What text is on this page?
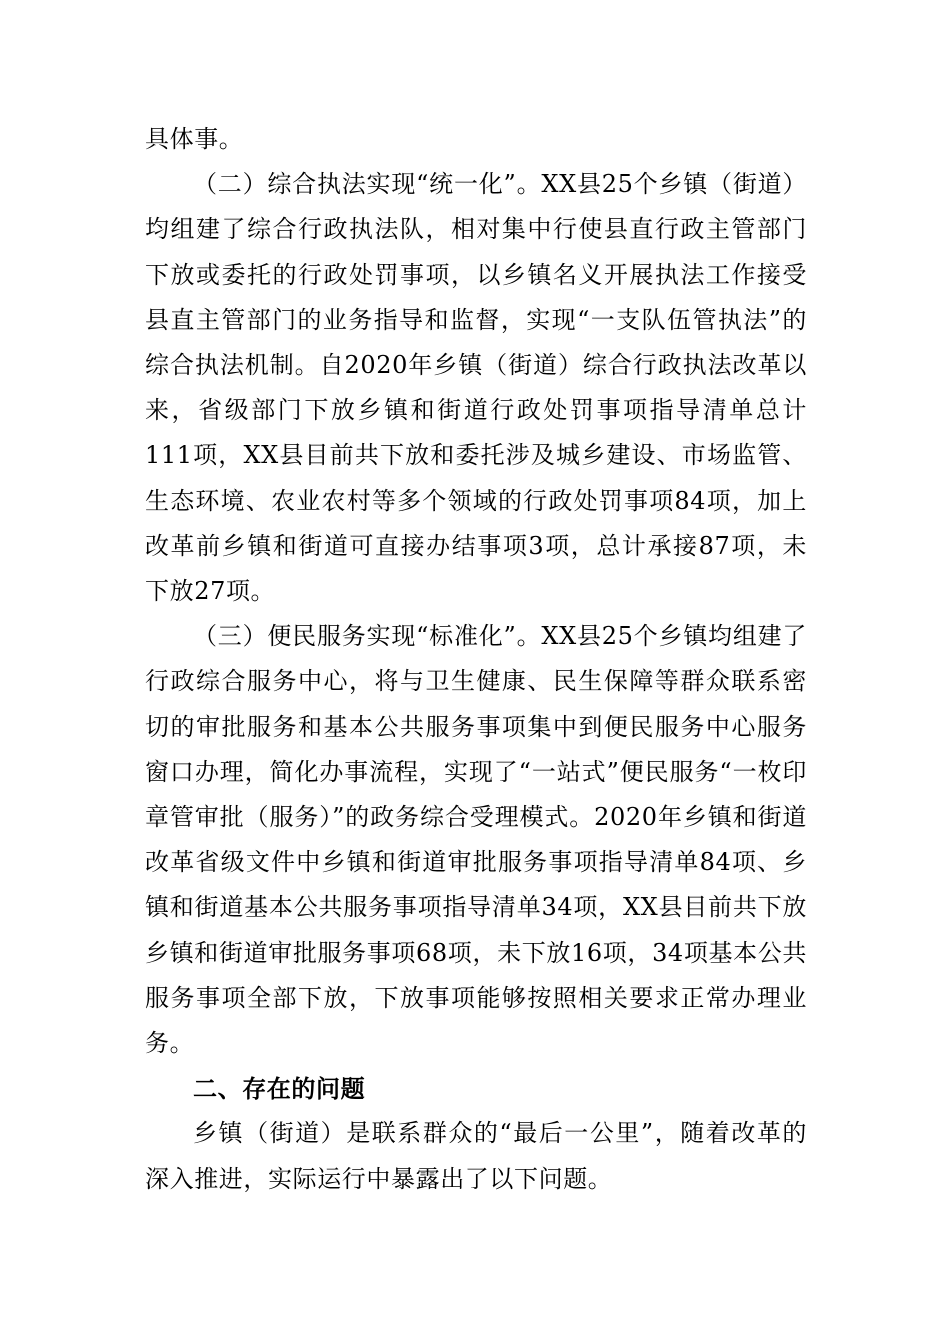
具体事。

（二）综合执法实现“统一化”。XX县25个乡镇（街道）均组建了综合行政执法队，相对集中行使县直行政主管部门下放或委托的行政处罚事项，以乡镇名义开展执法工作接受县直主管部门的业务指导和监督，实现“一支队伍管执法”的综合执法机制。自2020年乡镇（街道）综合行政执法改革以来，省级部门下放乡镇和街道行政处罚事项指导清单总计111项，XX县目前共下放和委托涉及城乡建设、市场监管、生态环境、农业农村等多个领域的行政处罚事项84项，加上改革前乡镇和街道可直接办结事项3项，总计承接87项，未下放27项。

（三）便民服务实现“标准化”。XX县25个乡镇均组建了行政综合服务中心，将与卫生健康、民生保障等群众联系密切的审批服务和基本公共服务事项集中到便民服务中心服务窗口办理，简化办事流程，实现了“一站式”便民服务“一枚印章管审批（服务）”的政务综合受理模式。2020年乡镇和街道改革省级文件中乡镇和街道审批服务事项指导清单84项、乡镇和街道基本公共服务事项指导清单34项，XX县目前共下放乡镇和街道审批服务事项68项，未下放16项，34项基本公共服务事项全部下放，下放事项能够按照相关要求正常办理业务。

二、存在的问题

乡镇（街道）是联系群众的“最后一公里”，随着改革的深入推进，实际运行中暴露出了以下问题。
